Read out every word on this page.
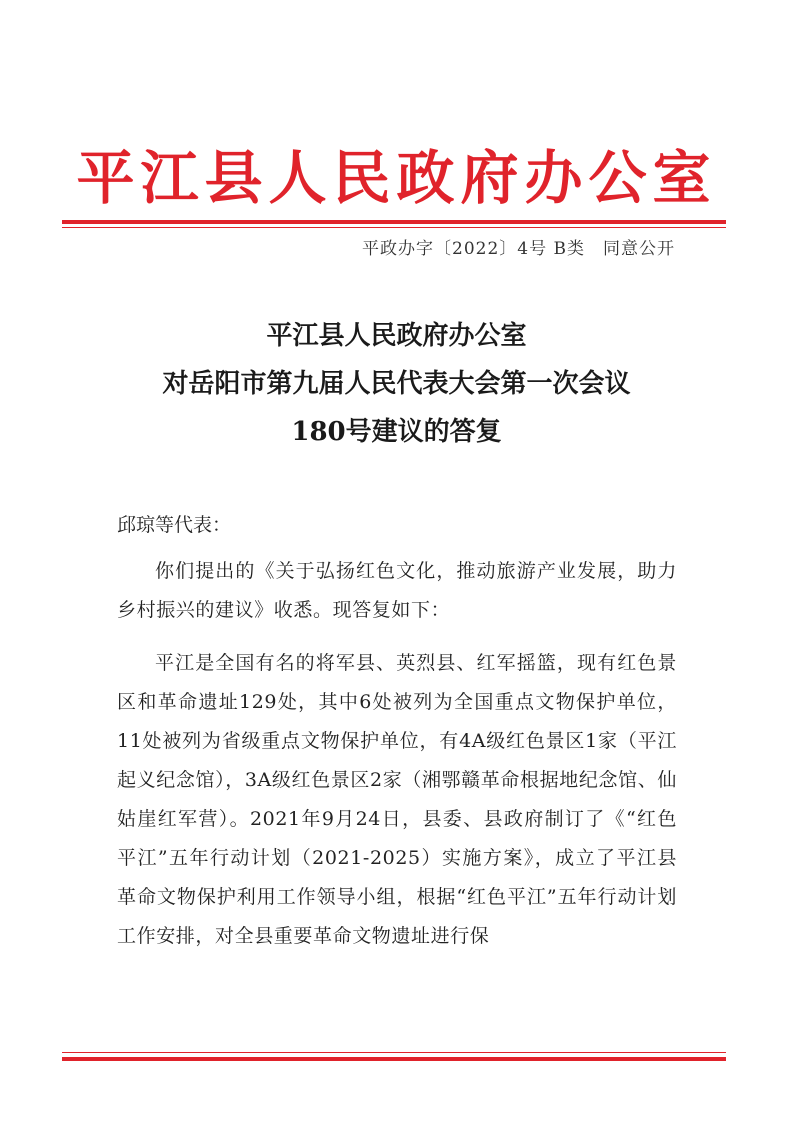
平江县人民政府办公室
平政办字〔2022〕4号 B类　同意公开
平江县人民政府办公室
对岳阳市第九届人民代表大会第一次会议
180号建议的答复
邱琼等代表：
你们提出的《关于弘扬红色文化，推动旅游产业发展，助力乡村振兴的建议》收悉。现答复如下：
平江是全国有名的将军县、英烈县、红军摇篮，现有红色景区和革命遗址129处，其中6处被列为全国重点文物保护单位，11处被列为省级重点文物保护单位，有4A级红色景区1家（平江起义纪念馆），3A级红色景区2家（湘鄂赣革命根据地纪念馆、仙姑崖红军营）。2021年9月24日，县委、县政府制订了《“红色平江”五年行动计划（2021-2025）实施方案》，成立了平江县革命文物保护利用工作领导小组，根据“红色平江”五年行动计划工作安排，对全县重要革命文物遗址进行保
